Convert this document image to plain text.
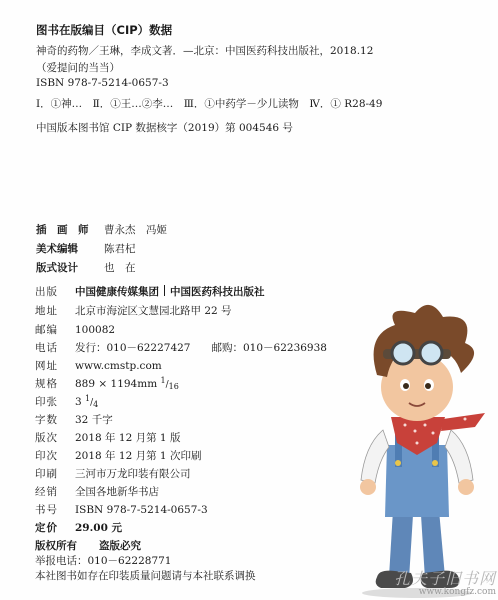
图书在版编目（CIP）数据
神奇的药物／王琳，李成文著．—北京：中国医药科技出版社，2018.12
（爱提问的当当）
ISBN 978-7-5214-0657-3
Ⅰ．①神…　Ⅱ．①王…②李…　Ⅲ．①中药学－少儿读物　Ⅳ．① R28-49
中国版本图书馆 CIP 数据核字（2019）第 004546 号
插　画　师 曹永杰　冯姬
美术编辑 陈君杞
版式设计 也　在
出版 中国健康传媒集团 中国医药科技出版社
地址 北京市海淀区文慧园北路甲 22 号
邮编 100082
电话 发行：010－62227427　　邮购：010－62236938
网址 www.cmstp.com
规格 889 × 1194mm $^1$/16
印张 3 $^1$/4
字数 32 千字
版次 2018 年 12 月第 1 版
印次 2018 年 12 月第 1 次印刷
印刷 三河市万龙印装有限公司
经销 全国各地新华书店
书号 ISBN 978-7-5214-0657-3
定价 29.00 元
版权所有 盗版必究
举报电话：010－62228771
本社图书如存在印装质量问题请与本社联系调换	孔夫子旧书网
www.kongfz.com
